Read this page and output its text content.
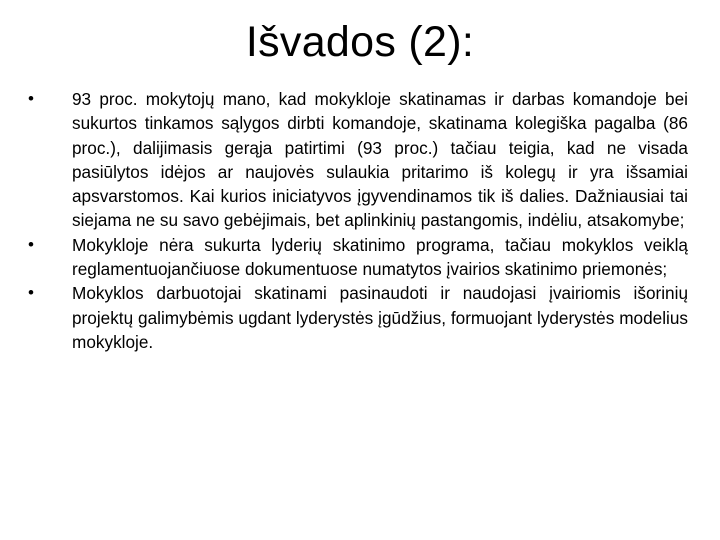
Išvados (2):
•	93 proc. mokytojų mano, kad mokykloje skatinamas ir darbas komandoje bei sukurtos tinkamos sąlygos dirbti komandoje, skatinama kolegiška pagalba (86 proc.), dalijimasis gerąja patirtimi (93 proc.) tačiau teigia, kad ne visada pasiūlytos idėjos ar naujovės sulaukia pritarimo iš kolegų ir yra išsamiai apsvarstomos. Kai kurios iniciatyvos įgyvendinamos tik iš dalies. Dažniausiai tai siejama ne su savo gebėjimais, bet aplinkinių pastangomis, indėliu, atsakomybe;
•	Mokykloje nėra sukurta lyderių skatinimo programa, tačiau mokyklos veiklą reglamentuojančiuose dokumentuose numatytos įvairios skatinimo priemonės;
•	Mokyklos darbuotojai skatinami pasinaudoti ir naudojasi įvairiomis išorinių projektų galimybėmis ugdant lyderystės įgūdžius, formuojant lyderystės modelius mokykloje.
